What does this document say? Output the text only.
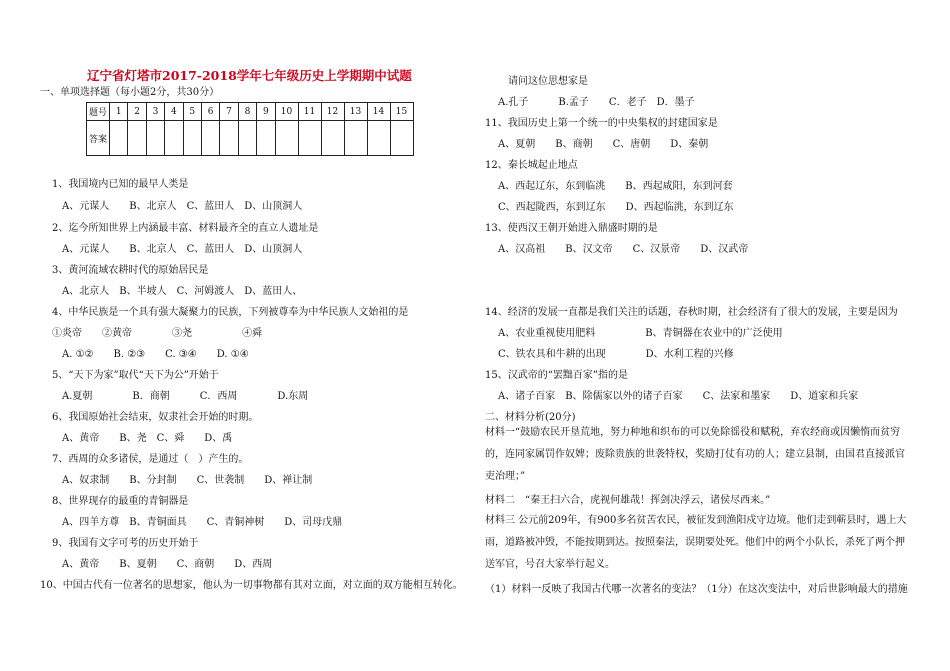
辽宁省灯塔市2017-2018学年七年级历史上学期期中试题
一、单项选择题（每小题2分，共30分）
题号	1	2	3	4	5	6	7	8	9	10	11	12	13	14	15
答案															
1、我国境内已知的最早人类是
A、元谋人　　B、北京人　C、蓝田人　D、山顶洞人
2、迄今所知世界上内涵最丰富、材料最齐全的直立人遗址是
A、元谋人　　B、北京人　C、蓝田人　D、山顶洞人
3、黄河流域农耕时代的原始居民是
A、北京人　B、半坡人　C、河姆渡人　D、蓝田人、
4、中华民族是一个具有强大凝聚力的民族，下列被尊奉为中华民族人文始祖的是
①炎帝　　②黄帝　　　　③尧　　　　　④舜
A. ①②　　B. ②③　　C. ③④　　D. ①④
5、“天下为家”取代“天下为公”开始于
A.夏朝　　　　B．商朝　　　C．西周　　　　D.东周
6、我国原始社会结束，奴隶社会开始的时期。
A、黄帝　　B、尧　C、舜　　D、禹
7、西周的众多诸侯，是通过（　）产生的。
A、奴隶制　　B、分封制　　C、世袭制　　D、禅让制
8、世界现存的最重的青铜器是
A、四羊方尊　B、青铜面具　　C、青铜神树　　D、司母戊鼎
9、我国有文字可考的历史开始于
A、黄帝　　B、夏朝　　C、商朝　　D、西周
10、中国古代有一位著名的思想家，他认为一切事物都有其对立面，对立面的双方能相互转化。
请问这位思想家是
A.孔子　　　B.孟子　　C．老子　D．墨子
11、我国历史上第一个统一的中央集权的封建国家是
A、夏朝　　B、商朝　　C、唐朝　　D、秦朝
12、秦长城起止地点
A、西起辽东，东到临洮　　B、西起咸阳，东到河套
C、西起陇西，东到辽东　　D、西起临洮，东到辽东
13、使西汉王朝开始进入鼎盛时期的是
A、汉高祖　　B、汉文帝　　C、汉景帝　　D、汉武帝
14、经济的发展一直都是我们关注的话题，春秋时期，社会经济有了很大的发展，主要是因为
A、农业重视使用肥料　　　　　B、青铜器在农业中的广泛使用
C、铁农具和牛耕的出现　　　　D、水利工程的兴修
15、汉武帝的“罢黜百家”指的是
A、诸子百家　B、除儒家以外的诸子百家　　C、法家和墨家　　D、道家和兵家
二、材料分析(20分)
材料一“鼓励农民开垦荒地，努力种地和织布的可以免除徭役和赋税，弃农经商或因懒惰而贫穷的，连同家属罚作奴婢；废除贵族的世袭特权，奖励打仗有功的人；建立县制，由国君直接派官吏治理；”
材料二　“秦王扫六合，虎视何雄哉！挥剑决浮云，诸侯尽西来。”
材料三 公元前209年，有900多名贫苦农民，被征发到渔阳戍守边境。他们走到蕲县时，遇上大雨，道路被冲毁，不能按期到达。按照秦法，误期要处死。他们中的两个小队长，杀死了两个押送军官，号召大家举行起义。
（1）材料一反映了我国古代哪一次著名的变法？（1分）在这次变法中，对后世影响最大的措施
